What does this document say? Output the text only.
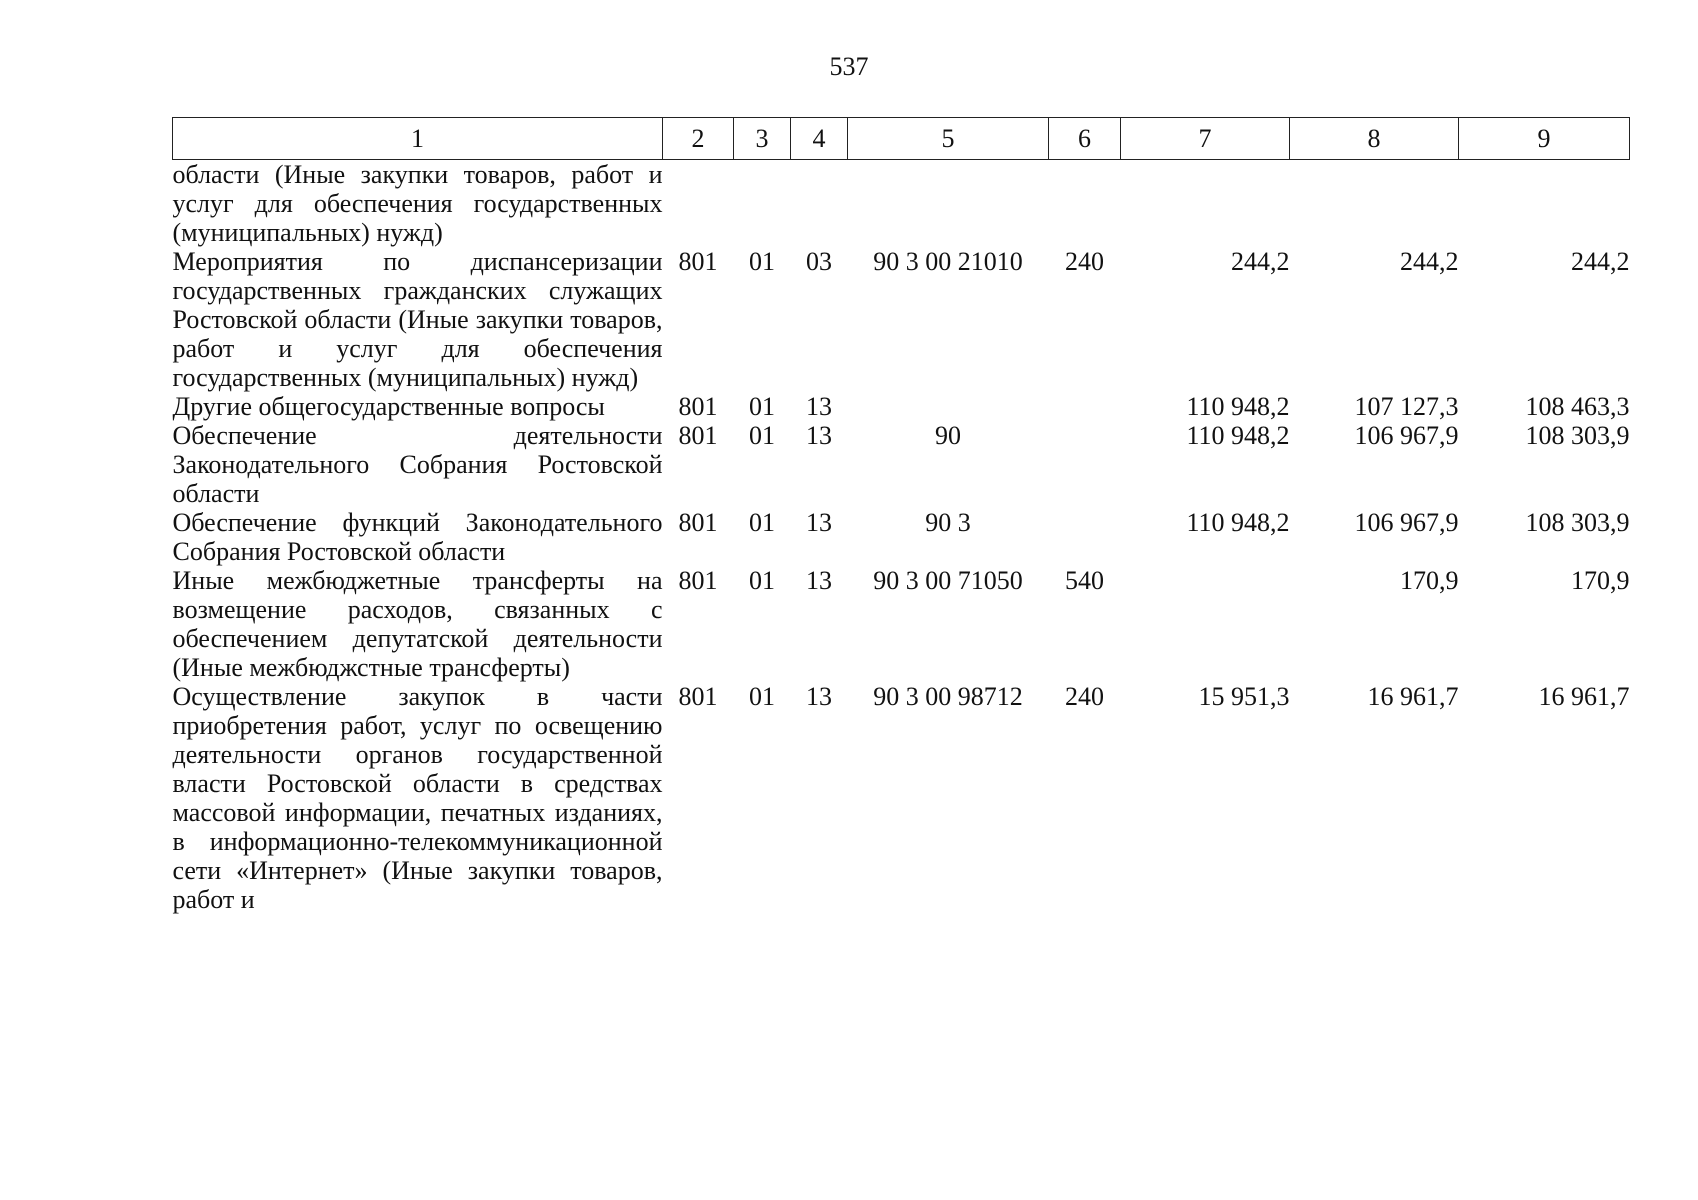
537
1	2	3	4	5	6	7	8	9
области (Иные закупки товаров, работ и услуг для обеспечения государственных (муниципальных) нужд)								
Мероприятия по диспансеризации государственных гражданских служащих Ростовской области (Иные закупки товаров, работ и услуг для обеспечения государственных (муниципальных) нужд)	801	01	03	90 3 00 21010	240	244,2	244,2	244,2
Другие общегосударственные вопросы	801	01	13			110 948,2	107 127,3	108 463,3
Обеспечение деятельности Законодательного Собрания Ростовской области	801	01	13	90		110 948,2	106 967,9	108 303,9
Обеспечение функций Законодательного Собрания Ростовской области	801	01	13	90 3		110 948,2	106 967,9	108 303,9
Иные межбюджетные трансферты на возмещение расходов, связанных с обеспечением депутатской деятельности (Иные межбюджстные трансферты)	801	01	13	90 3 00 71050	540		170,9	170,9
Осуществление закупок в части приобретения работ, услуг по освещению деятельности органов государственной власти Ростовской области в средствах массовой информации, печатных изданиях, в информационно-телекоммуникационной сети «Интернет» (Иные закупки товаров, работ и	801	01	13	90 3 00 98712	240	15 951,3	16 961,7	16 961,7
